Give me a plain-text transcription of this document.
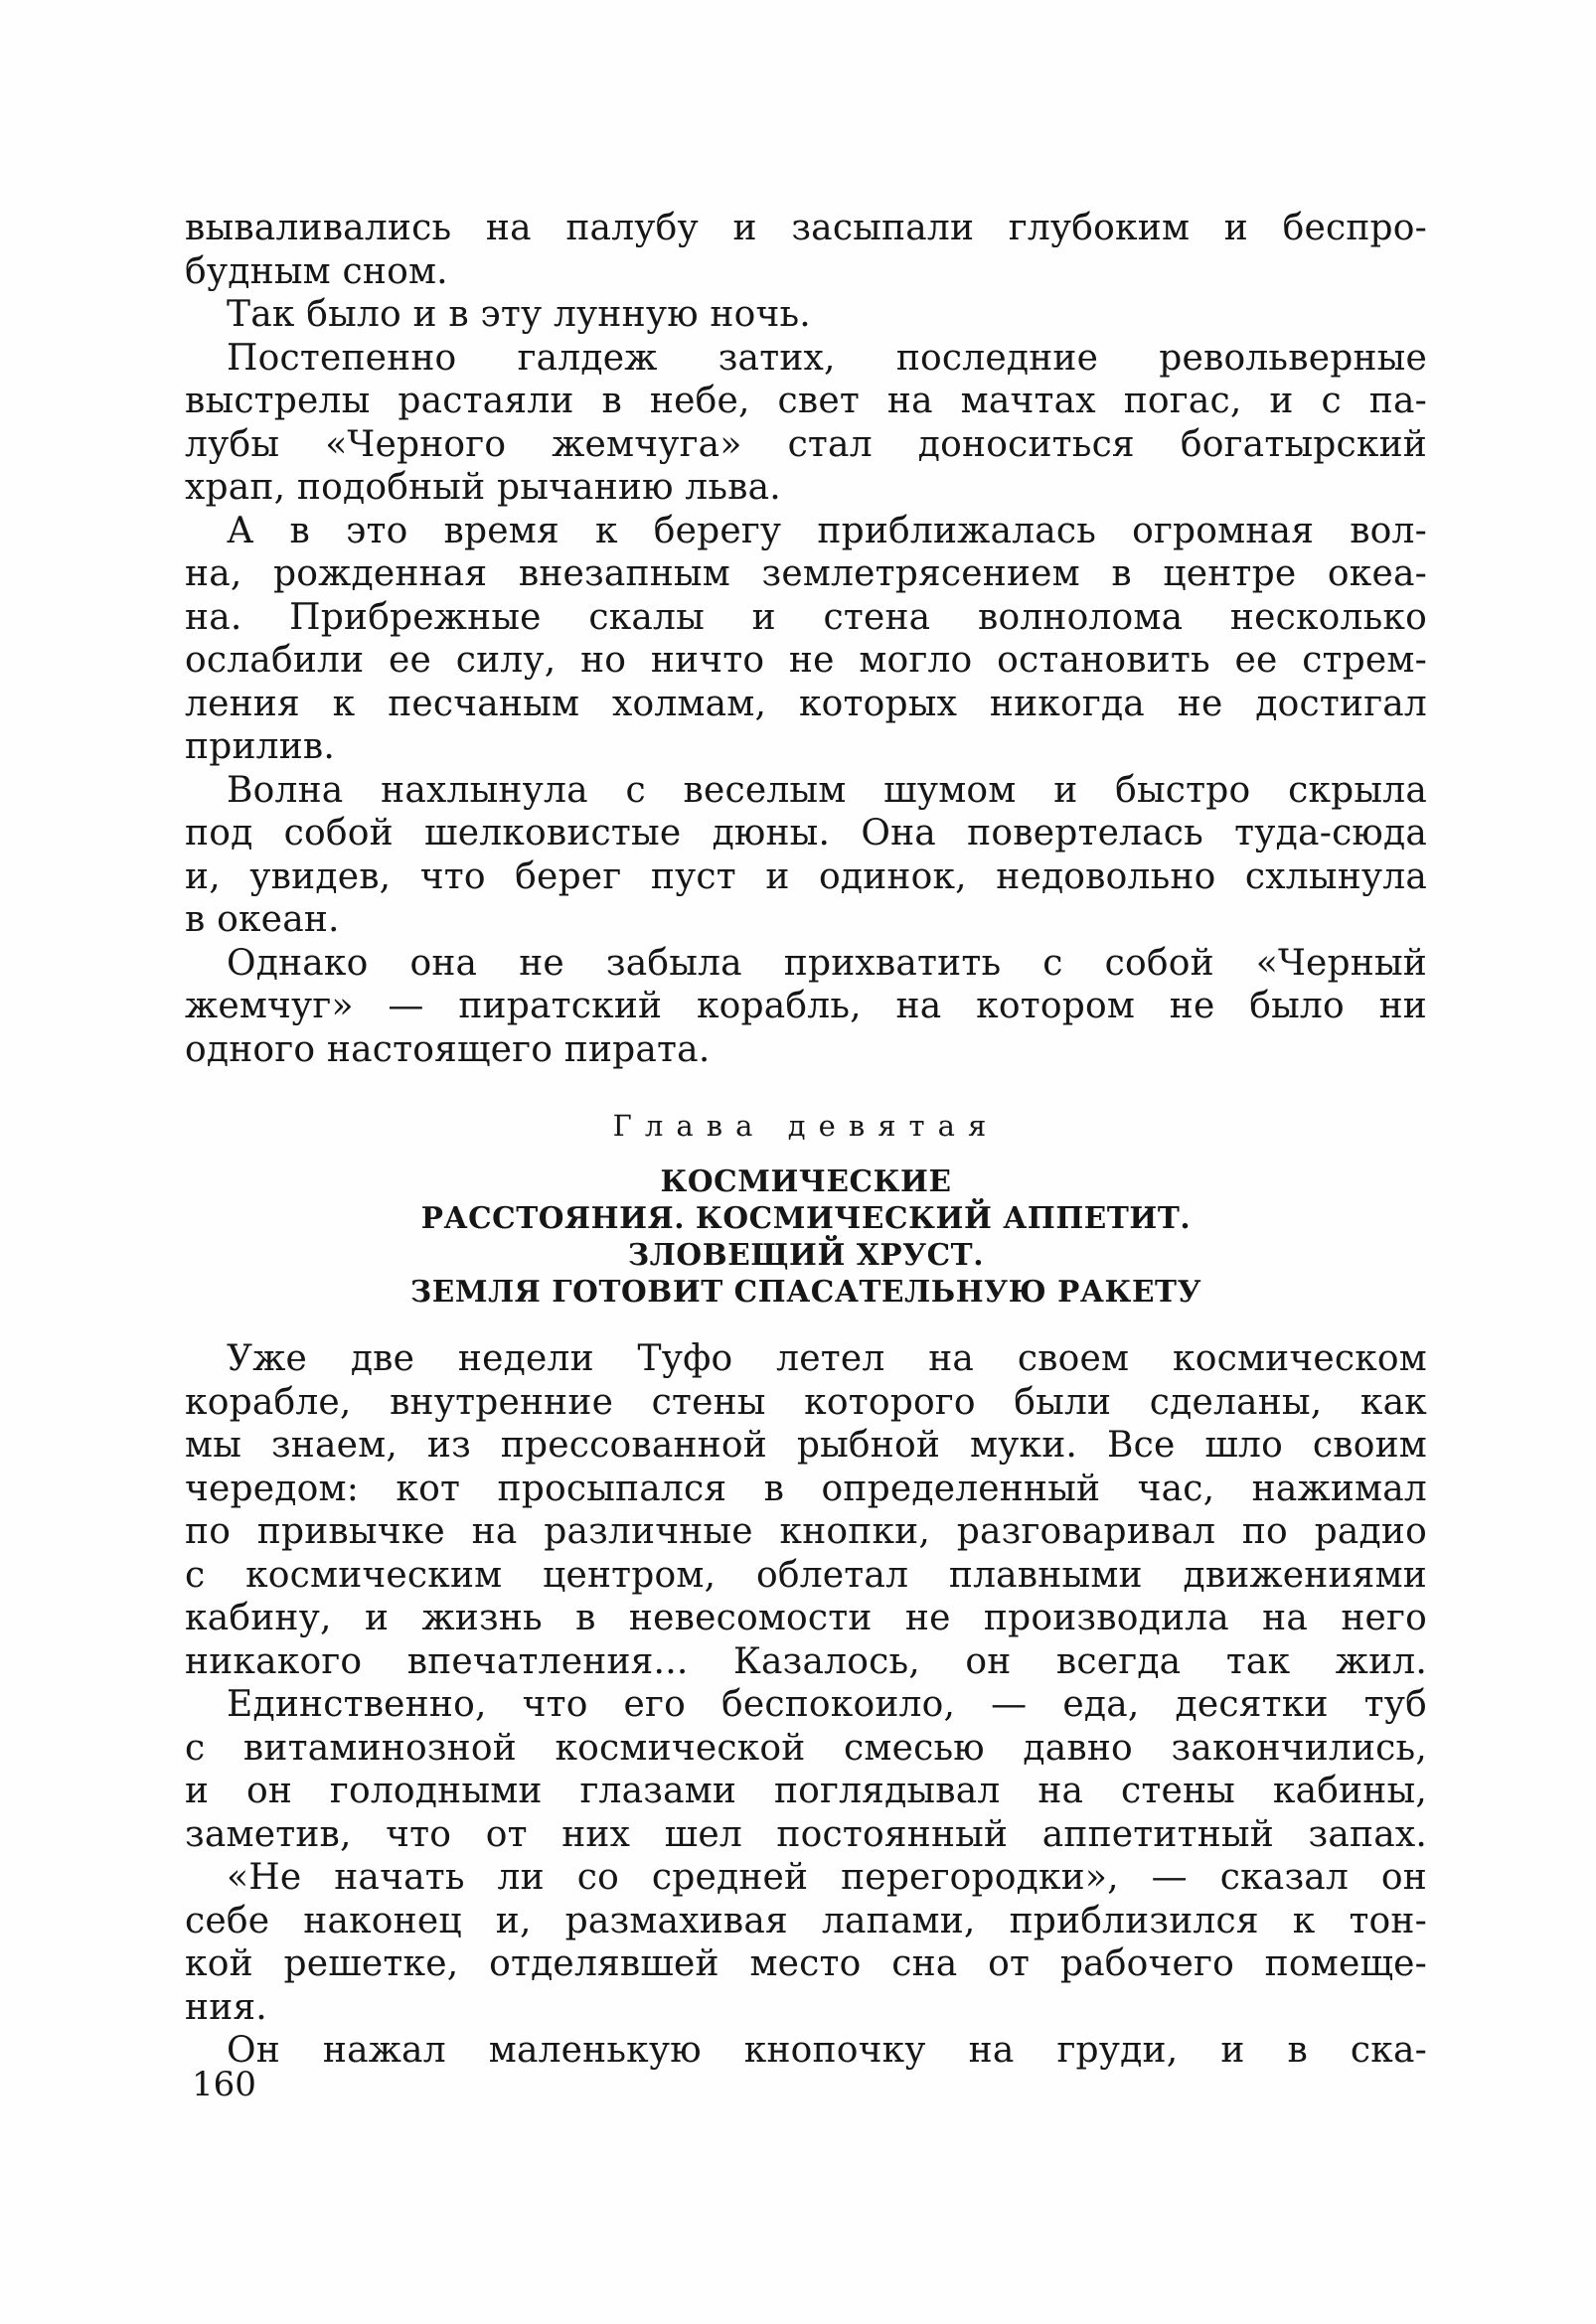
вываливались на палубу и засыпали глубоким и беспро-
будным сном.

Так было и в эту лунную ночь.

Постепенно галдеж затих, последние револьверные
выстрелы растаяли в небе, свет на мачтах погас, и с па-
лубы «Черного жемчуга» стал доноситься богатырский
храп, подобный рычанию льва.

А в это время к берегу приближалась огромная вол-
на, рожденная внезапным землетрясением в центре океа-
на. Прибрежные скалы и стена волнолома несколько
ослабили ее силу, но ничто не могло остановить ее стрем-
ления к песчаным холмам, которых никогда не достигал
прилив.

Волна нахлынула с веселым шумом и быстро скрыла
под собой шелковистые дюны. Она повертелась туда-сюда
и, увидев, что берег пуст и одинок, недовольно схлынула
в океан.

Однако она не забыла прихватить с собой «Черный
жемчуг» — пиратский корабль, на котором не было ни
одного настоящего пирата.

Глава девятая
КОСМИЧЕСКИЕ
РАССТОЯНИЯ. КОСМИЧЕСКИЙ АППЕТИТ.
ЗЛОВЕЩИЙ ХРУСТ.
ЗЕМЛЯ ГОТОВИТ СПАСАТЕЛЬНУЮ РАКЕТУ

Уже две недели Туфо летел на своем космическом
корабле, внутренние стены которого были сделаны, как
мы знаем, из прессованной рыбной муки. Все шло своим
чередом: кот просыпался в определенный час, нажимал
по привычке на различные кнопки, разговаривал по радио
с космическим центром, облетал плавными движениями
кабину, и жизнь в невесомости не производила на него
никакого впечатления... Казалось, он всегда так жил.

Единственно, что его беспокоило, — еда, десятки туб
с витаминозной космической смесью давно закончились,
и он голодными глазами поглядывал на стены кабины,
заметив, что от них шел постоянный аппетитный запах.

«Не начать ли со средней перегородки», — сказал он
себе наконец и, размахивая лапами, приблизился к тон-
кой решетке, отделявшей место сна от рабочего помеще-
ния.

Он нажал маленькую кнопочку на груди, и в ска-

160
